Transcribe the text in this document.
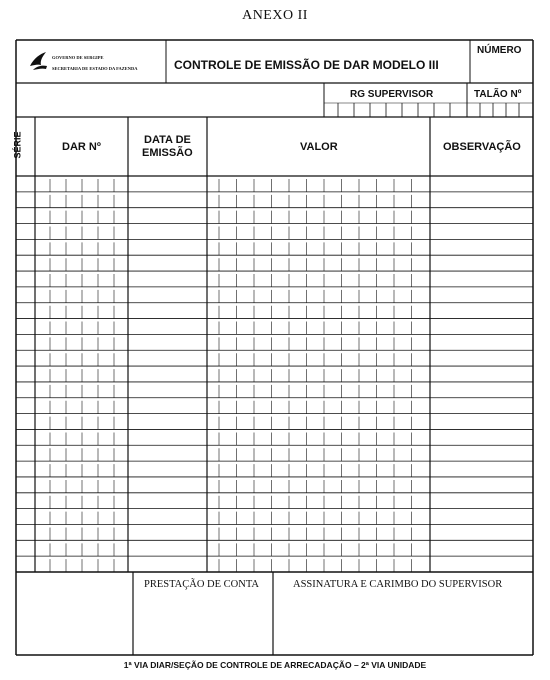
ANEXO II
GOVERNO DE SERGIPE
SECRETARIA DE ESTADO DA FAZENDA	CONTROLE DE EMISSÃO DE DAR MODELO III
NÚMERO
RG SUPERVISOR	TALÃO Nº
SÉRIE	DAR Nº
DATA DE
EMISSÃO	VALOR	OBSERVAÇÃO
PRESTAÇÃO DE CONTA	ASSINATURA E CARIMBO DO SUPERVISOR
1ª VIA DIAR/SEÇÃO DE CONTROLE DE ARRECADAÇÃO – 2ª VIA UNIDADE
